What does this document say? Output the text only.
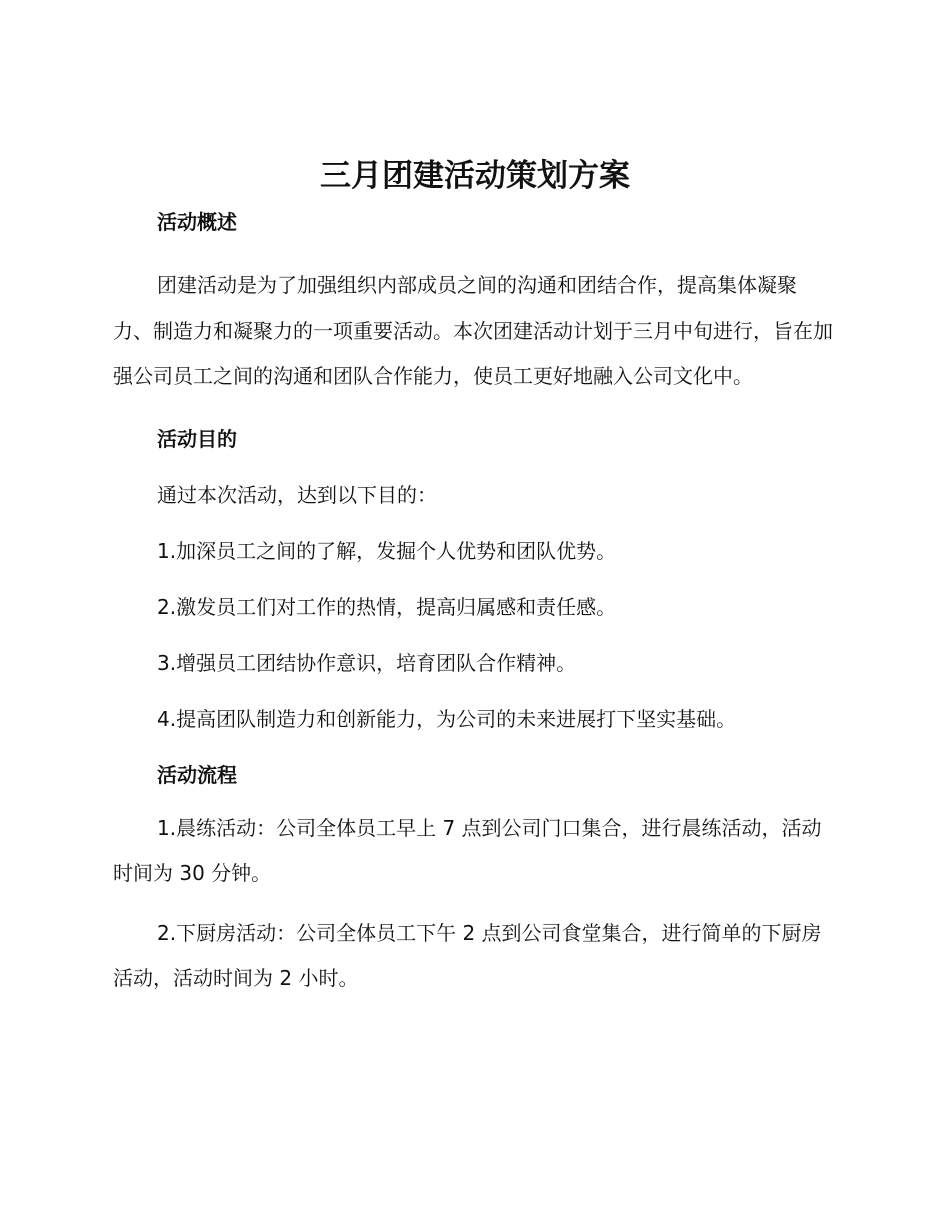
三月团建活动策划方案
活动概述

团建活动是为了加强组织内部成员之间的沟通和团结合作，提高集体凝聚力、制造力和凝聚力的一项重要活动。本次团建活动计划于三月中旬进行，旨在加强公司员工之间的沟通和团队合作能力，使员工更好地融入公司文化中。

活动目的

通过本次活动，达到以下目的：

1.加深员工之间的了解，发掘个人优势和团队优势。

2.激发员工们对工作的热情，提高归属感和责任感。

3.增强员工团结协作意识，培育团队合作精神。

4.提高团队制造力和创新能力，为公司的未来进展打下坚实基础。

活动流程

1.晨练活动：公司全体员工早上 7 点到公司门口集合，进行晨练活动，活动时间为 30 分钟。

2.下厨房活动：公司全体员工下午 2 点到公司食堂集合，进行简单的下厨房活动，活动时间为 2 小时。
